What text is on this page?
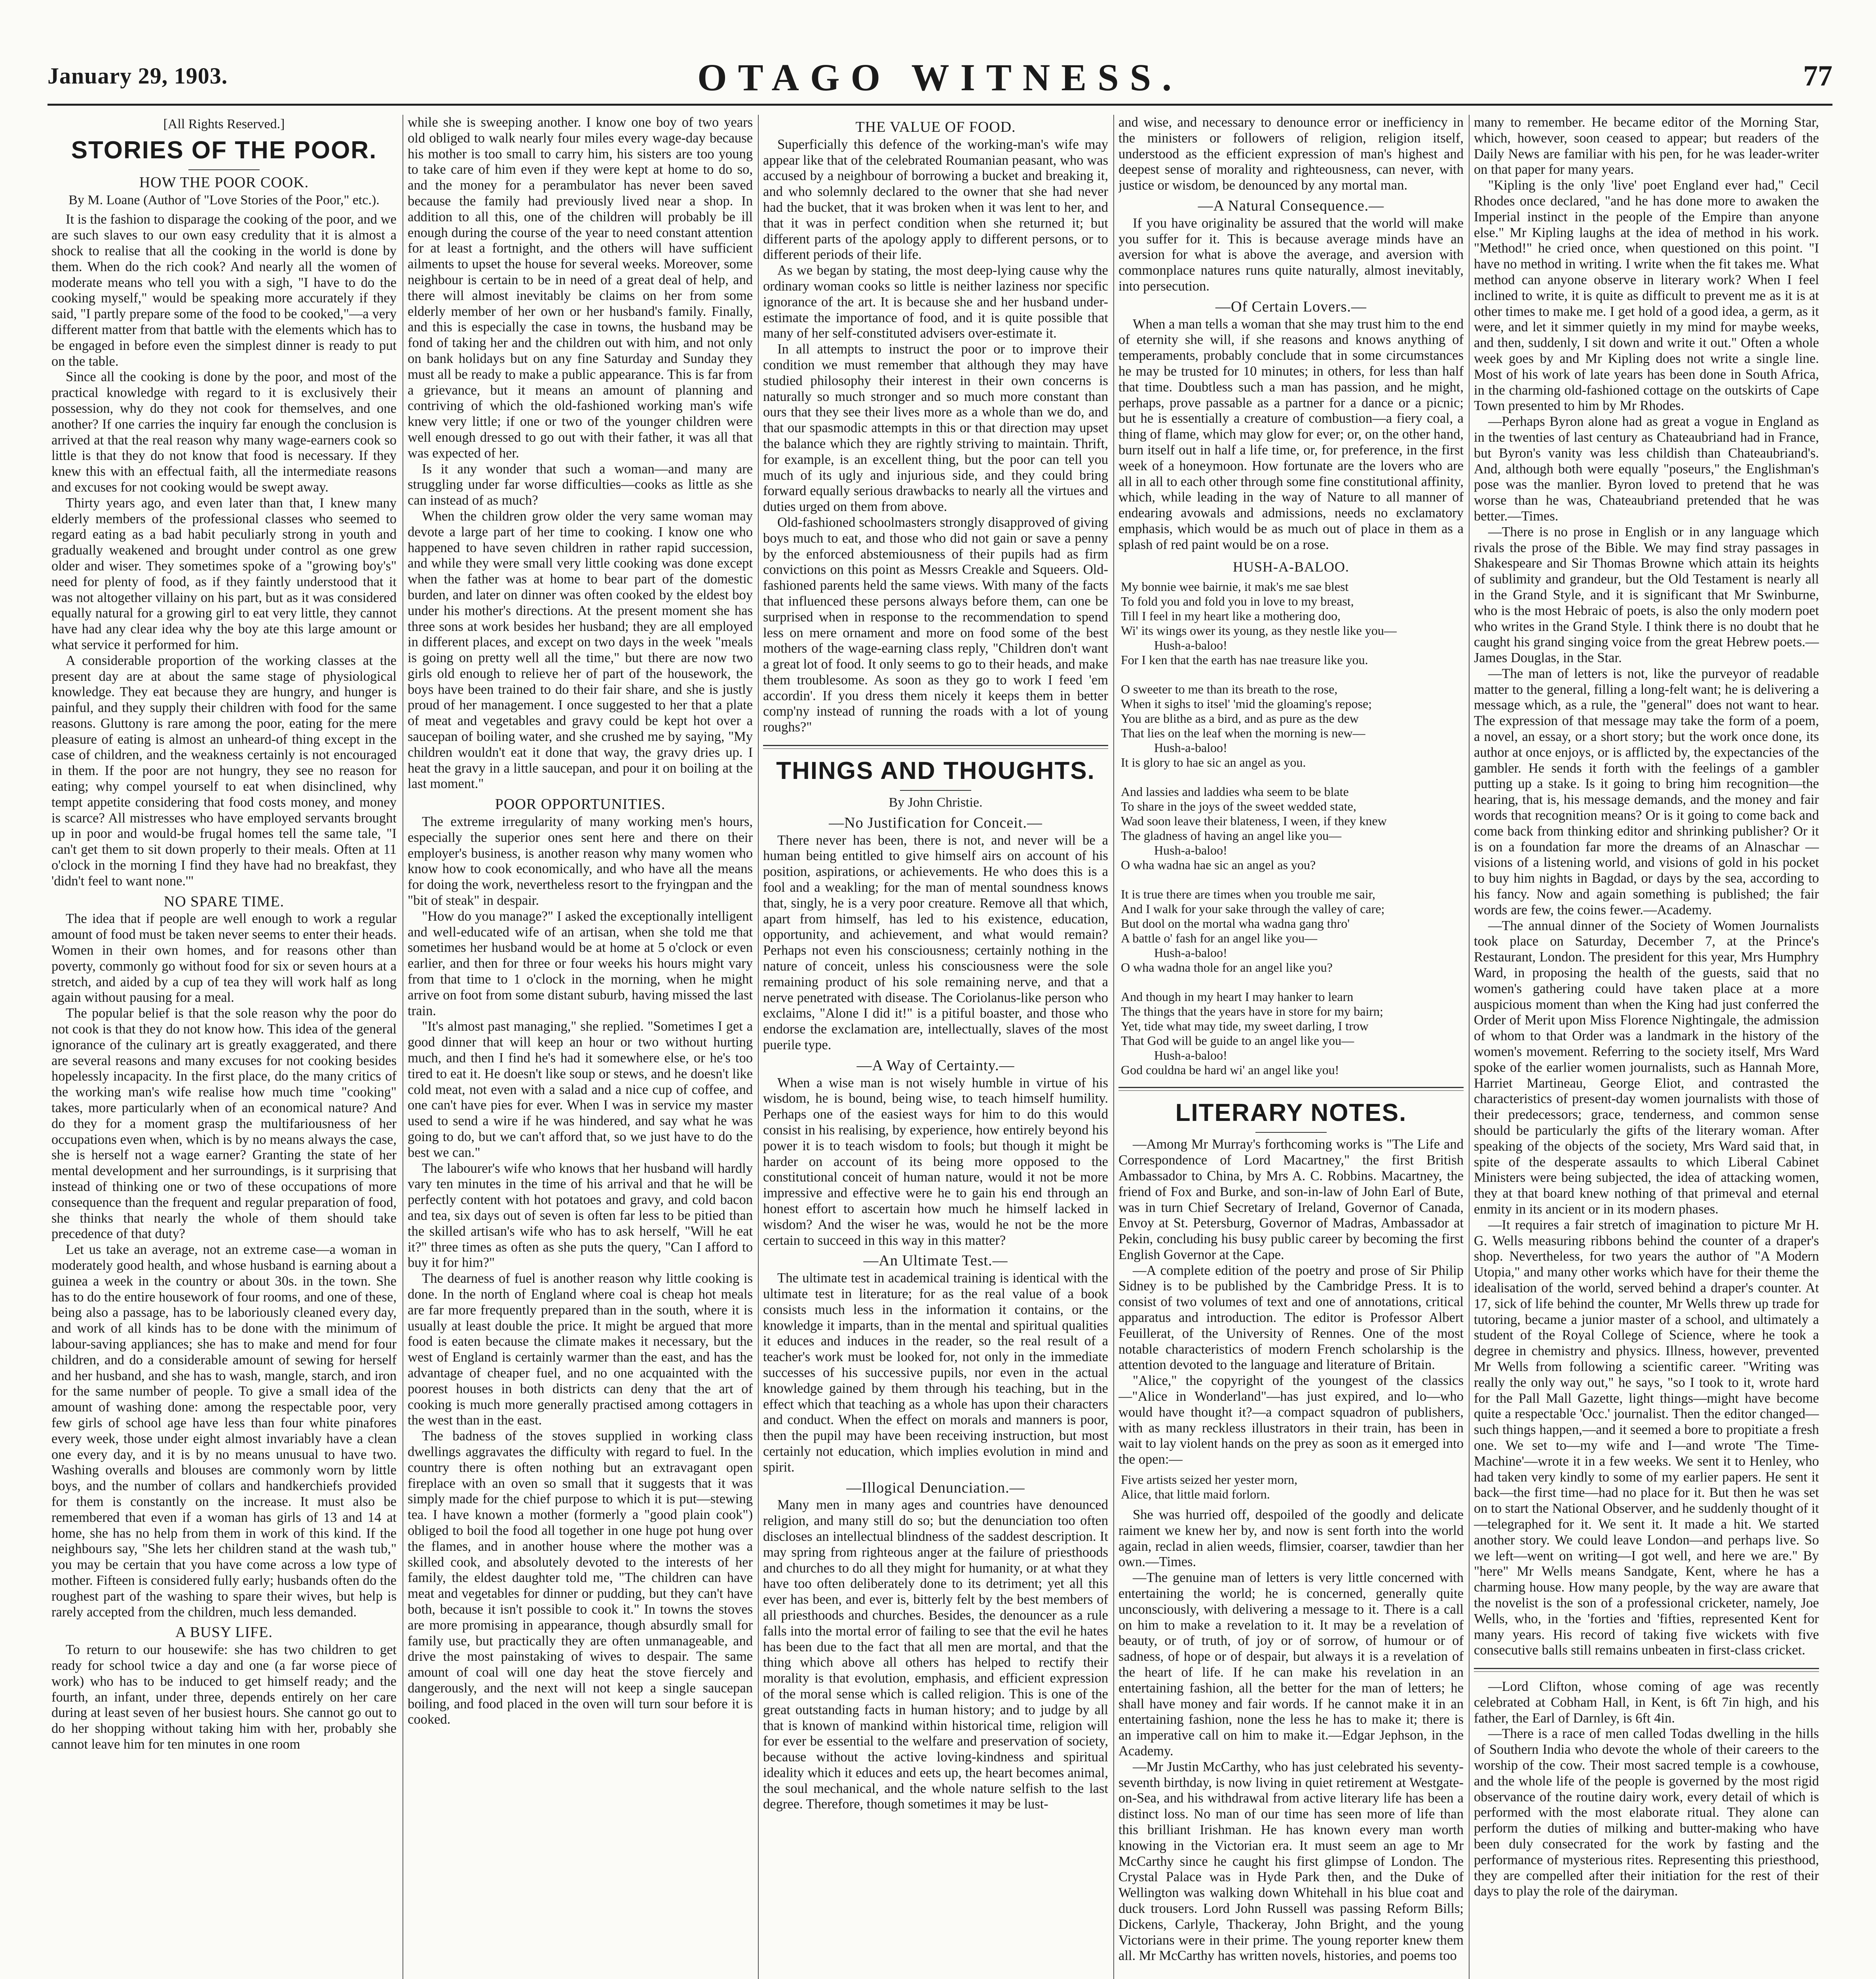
January 29, 1903.	OTAGO WITNESS.	77
[All Rights Reserved.]
STORIES OF THE POOR.
HOW THE POOR COOK.
By M. Loane (Author of "Love Stories of the Poor," etc.).

It is the fashion to disparage the cooking of the poor, and we are such slaves to our own easy credulity that it is almost a shock to realise that all the cooking in the world is done by them. When do the rich cook? And nearly all the women of moderate means who tell you with a sigh, "I have to do the cooking myself," would be speaking more accurately if they said, "I partly prepare some of the food to be cooked,"—a very different matter from that battle with the elements which has to be engaged in before even the simplest dinner is ready to put on the table.

Since all the cooking is done by the poor, and most of the practical knowledge with regard to it is exclusively their possession, why do they not cook for themselves, and one another? If one carries the inquiry far enough the conclusion is arrived at that the real reason why many wage-earners cook so little is that they do not know that food is necessary. If they knew this with an effectual faith, all the intermediate reasons and excuses for not cooking would be swept away.

Thirty years ago, and even later than that, I knew many elderly members of the professional classes who seemed to regard eating as a bad habit peculiarly strong in youth and gradually weakened and brought under control as one grew older and wiser. They sometimes spoke of a "growing boy's" need for plenty of food, as if they faintly understood that it was not altogether villainy on his part, but as it was considered equally natural for a growing girl to eat very little, they cannot have had any clear idea why the boy ate this large amount or what service it performed for him.

A considerable proportion of the working classes at the present day are at about the same stage of physiological knowledge. They eat because they are hungry, and hunger is painful, and they supply their children with food for the same reasons. Gluttony is rare among the poor, eating for the mere pleasure of eating is almost an unheard-of thing except in the case of children, and the weakness certainly is not encouraged in them. If the poor are not hungry, they see no reason for eating; why compel yourself to eat when disinclined, why tempt appetite considering that food costs money, and money is scarce? All mistresses who have employed servants brought up in poor and would-be frugal homes tell the same tale, "I can't get them to sit down properly to their meals. Often at 11 o'clock in the morning I find they have had no breakfast, they 'didn't feel to want none.'"

NO SPARE TIME.

The idea that if people are well enough to work a regular amount of food must be taken never seems to enter their heads. Women in their own homes, and for reasons other than poverty, commonly go without food for six or seven hours at a stretch, and aided by a cup of tea they will work half as long again without pausing for a meal.

The popular belief is that the sole reason why the poor do not cook is that they do not know how. This idea of the general ignorance of the culinary art is greatly exaggerated, and there are several reasons and many excuses for not cooking besides hopelessly incapacity. In the first place, do the many critics of the working man's wife realise how much time "cooking" takes, more particularly when of an economical nature? And do they for a moment grasp the multifariousness of her occupations even when, which is by no means always the case, she is herself not a wage earner? Granting the state of her mental development and her surroundings, is it surprising that instead of thinking one or two of these occupations of more consequence than the frequent and regular preparation of food, she thinks that nearly the whole of them should take precedence of that duty?

Let us take an average, not an extreme case—a woman in moderately good health, and whose husband is earning about a guinea a week in the country or about 30s. in the town. She has to do the entire housework of four rooms, and one of these, being also a passage, has to be laboriously cleaned every day, and work of all kinds has to be done with the minimum of labour-saving appliances; she has to make and mend for four children, and do a considerable amount of sewing for herself and her husband, and she has to wash, mangle, starch, and iron for the same number of people. To give a small idea of the amount of washing done: among the respectable poor, very few girls of school age have less than four white pinafores every week, those under eight almost invariably have a clean one every day, and it is by no means unusual to have two. Washing overalls and blouses are commonly worn by little boys, and the number of collars and handkerchiefs provided for them is constantly on the increase. It must also be remembered that even if a woman has girls of 13 and 14 at home, she has no help from them in work of this kind. If the neighbours say, "She lets her children stand at the wash tub," you may be certain that you have come across a low type of mother. Fifteen is considered fully early; husbands often do the roughest part of the washing to spare their wives, but help is rarely accepted from the children, much less demanded.

A BUSY LIFE.

To return to our housewife: she has two children to get ready for school twice a day and one (a far worse piece of work) who has to be induced to get himself ready; and the fourth, an infant, under three, depends entirely on her care during at least seven of her busiest hours. She cannot go out to do her shopping without taking him with her, probably she cannot leave him for ten minutes in one room

while she is sweeping another. I know one boy of two years old obliged to walk nearly four miles every wage-day because his mother is too small to carry him, his sisters are too young to take care of him even if they were kept at home to do so, and the money for a perambulator has never been saved because the family had previously lived near a shop. In addition to all this, one of the children will probably be ill enough during the course of the year to need constant attention for at least a fortnight, and the others will have sufficient ailments to upset the house for several weeks. Moreover, some neighbour is certain to be in need of a great deal of help, and there will almost inevitably be claims on her from some elderly member of her own or her husband's family. Finally, and this is especially the case in towns, the husband may be fond of taking her and the children out with him, and not only on bank holidays but on any fine Saturday and Sunday they must all be ready to make a public appearance. This is far from a grievance, but it means an amount of planning and contriving of which the old-fashioned working man's wife knew very little; if one or two of the younger children were well enough dressed to go out with their father, it was all that was expected of her.

Is it any wonder that such a woman—and many are struggling under far worse difficulties—cooks as little as she can instead of as much?

When the children grow older the very same woman may devote a large part of her time to cooking. I know one who happened to have seven children in rather rapid succession, and while they were small very little cooking was done except when the father was at home to bear part of the domestic burden, and later on dinner was often cooked by the eldest boy under his mother's directions. At the present moment she has three sons at work besides her husband; they are all employed in different places, and except on two days in the week "meals is going on pretty well all the time," but there are now two girls old enough to relieve her of part of the housework, the boys have been trained to do their fair share, and she is justly proud of her management. I once suggested to her that a plate of meat and vegetables and gravy could be kept hot over a saucepan of boiling water, and she crushed me by saying, "My children wouldn't eat it done that way, the gravy dries up. I heat the gravy in a little saucepan, and pour it on boiling at the last moment."

POOR OPPORTUNITIES.

The extreme irregularity of many working men's hours, especially the superior ones sent here and there on their employer's business, is another reason why many women who know how to cook economically, and who have all the means for doing the work, nevertheless resort to the fryingpan and the "bit of steak" in despair.

"How do you manage?" I asked the exceptionally intelligent and well-educated wife of an artisan, when she told me that sometimes her husband would be at home at 5 o'clock or even earlier, and then for three or four weeks his hours might vary from that time to 1 o'clock in the morning, when he might arrive on foot from some distant suburb, having missed the last train.

"It's almost past managing," she replied. "Sometimes I get a good dinner that will keep an hour or two without hurting much, and then I find he's had it somewhere else, or he's too tired to eat it. He doesn't like soup or stews, and he doesn't like cold meat, not even with a salad and a nice cup of coffee, and one can't have pies for ever. When I was in service my master used to send a wire if he was hindered, and say what he was going to do, but we can't afford that, so we just have to do the best we can."

The labourer's wife who knows that her husband will hardly vary ten minutes in the time of his arrival and that he will be perfectly content with hot potatoes and gravy, and cold bacon and tea, six days out of seven is often far less to be pitied than the skilled artisan's wife who has to ask herself, "Will he eat it?" three times as often as she puts the query, "Can I afford to buy it for him?"

The dearness of fuel is another reason why little cooking is done. In the north of England where coal is cheap hot meals are far more frequently prepared than in the south, where it is usually at least double the price. It might be argued that more food is eaten because the climate makes it necessary, but the west of England is certainly warmer than the east, and has the advantage of cheaper fuel, and no one acquainted with the poorest houses in both districts can deny that the art of cooking is much more generally practised among cottagers in the west than in the east.

The badness of the stoves supplied in working class dwellings aggravates the difficulty with regard to fuel. In the country there is often nothing but an extravagant open fireplace with an oven so small that it suggests that it was simply made for the chief purpose to which it is put—stewing tea. I have known a mother (formerly a "good plain cook") obliged to boil the food all together in one huge pot hung over the flames, and in another house where the mother was a skilled cook, and absolutely devoted to the interests of her family, the eldest daughter told me, "The children can have meat and vegetables for dinner or pudding, but they can't have both, because it isn't possible to cook it." In towns the stoves are more promising in appearance, though absurdly small for family use, but practically they are often unmanageable, and drive the most painstaking of wives to despair. The same amount of coal will one day heat the stove fiercely and dangerously, and the next will not keep a single saucepan boiling, and food placed in the oven will turn sour before it is cooked.

THE VALUE OF FOOD.

Superficially this defence of the working-man's wife may appear like that of the celebrated Roumanian peasant, who was accused by a neighbour of borrowing a bucket and breaking it, and who solemnly declared to the owner that she had never had the bucket, that it was broken when it was lent to her, and that it was in perfect condition when she returned it; but different parts of the apology apply to different persons, or to different periods of their life.

As we began by stating, the most deep-lying cause why the ordinary woman cooks so little is neither laziness nor specific ignorance of the art. It is because she and her husband under-estimate the importance of food, and it is quite possible that many of her self-constituted advisers over-estimate it.

In all attempts to instruct the poor or to improve their condition we must remember that although they may have studied philosophy their interest in their own concerns is naturally so much stronger and so much more constant than ours that they see their lives more as a whole than we do, and that our spasmodic attempts in this or that direction may upset the balance which they are rightly striving to maintain. Thrift, for example, is an excellent thing, but the poor can tell you much of its ugly and injurious side, and they could bring forward equally serious drawbacks to nearly all the virtues and duties urged on them from above.

Old-fashioned schoolmasters strongly disapproved of giving boys much to eat, and those who did not gain or save a penny by the enforced abstemiousness of their pupils had as firm convictions on this point as Messrs Creakle and Squeers. Old-fashioned parents held the same views. With many of the facts that influenced these persons always before them, can one be surprised when in response to the recommendation to spend less on mere ornament and more on food some of the best mothers of the wage-earning class reply, "Children don't want a great lot of food. It only seems to go to their heads, and make them troublesome. As soon as they go to work I feed 'em accordin'. If you dress them nicely it keeps them in better comp'ny instead of running the roads with a lot of young roughs?"

THINGS AND THOUGHTS.
By John Christie.
—No Justification for Conceit.—

There never has been, there is not, and never will be a human being entitled to give himself airs on account of his position, aspirations, or achievements. He who does this is a fool and a weakling; for the man of mental soundness knows that, singly, he is a very poor creature. Remove all that which, apart from himself, has led to his existence, education, opportunity, and achievement, and what would remain? Perhaps not even his consciousness; certainly nothing in the nature of conceit, unless his consciousness were the sole remaining product of his sole remaining nerve, and that a nerve penetrated with disease. The Coriolanus-like person who exclaims, "Alone I did it!" is a pitiful boaster, and those who endorse the exclamation are, intellectually, slaves of the most puerile type.

—A Way of Certainty.—

When a wise man is not wisely humble in virtue of his wisdom, he is bound, being wise, to teach himself humility. Perhaps one of the easiest ways for him to do this would consist in his realising, by experience, how entirely beyond his power it is to teach wisdom to fools; but though it might be harder on account of its being more opposed to the constitutional conceit of human nature, would it not be more impressive and effective were he to gain his end through an honest effort to ascertain how much he himself lacked in wisdom? And the wiser he was, would he not be the more certain to succeed in this way in this matter?

—An Ultimate Test.—

The ultimate test in academical training is identical with the ultimate test in literature; for as the real value of a book consists much less in the information it contains, or the knowledge it imparts, than in the mental and spiritual qualities it educes and induces in the reader, so the real result of a teacher's work must be looked for, not only in the immediate successes of his successive pupils, nor even in the actual knowledge gained by them through his teaching, but in the effect which that teaching as a whole has upon their characters and conduct. When the effect on morals and manners is poor, then the pupil may have been receiving instruction, but most certainly not education, which implies evolution in mind and spirit.

—Illogical Denunciation.—

Many men in many ages and countries have denounced religion, and many still do so; but the denunciation too often discloses an intellectual blindness of the saddest description. It may spring from righteous anger at the failure of priesthoods and churches to do all they might for humanity, or at what they have too often deliberately done to its detriment; yet all this ever has been, and ever is, bitterly felt by the best members of all priesthoods and churches. Besides, the denouncer as a rule falls into the mortal error of failing to see that the evil he hates has been due to the fact that all men are mortal, and that the thing which above all others has helped to rectify their morality is that evolution, emphasis, and efficient expression of the moral sense which is called religion. This is one of the great outstanding facts in human history; and to judge by all that is known of mankind within historical time, religion will for ever be essential to the welfare and preservation of society, because without the active loving-kindness and spiritual ideality which it educes and eets up, the heart becomes animal, the soul mechanical, and the whole nature selfish to the last degree. Therefore, though sometimes it may be lust-

and wise, and necessary to denounce error or inefficiency in the ministers or followers of religion, religion itself, understood as the efficient expression of man's highest and deepest sense of morality and righteousness, can never, with justice or wisdom, be denounced by any mortal man.

—A Natural Consequence.—

If you have originality be assured that the world will make you suffer for it. This is because average minds have an aversion for what is above the average, and aversion with commonplace natures runs quite naturally, almost inevitably, into persecution.

—Of Certain Lovers.—

When a man tells a woman that she may trust him to the end of eternity she will, if she reasons and knows anything of temperaments, probably conclude that in some circumstances he may be trusted for 10 minutes; in others, for less than half that time. Doubtless such a man has passion, and he might, perhaps, prove passable as a partner for a dance or a picnic; but he is essentially a creature of combustion—a fiery coal, a thing of flame, which may glow for ever; or, on the other hand, burn itself out in half a life time, or, for preference, in the first week of a honeymoon. How fortunate are the lovers who are all in all to each other through some fine constitutional affinity, which, while leading in the way of Nature to all manner of endearing avowals and admissions, needs no exclamatory emphasis, which would be as much out of place in them as a splash of red paint would be on a rose.

HUSH-A-BALOO.
My bonnie wee bairnie, it mak's me sae blest
To fold you and fold you in love to my breast,
Till I feel in my heart like a mothering doo,
Wi' its wings ower its young, as they nestle like you—
Hush-a-baloo!
For I ken that the earth has nae treasure like you.

O sweeter to me than its breath to the rose,
When it sighs to itsel' 'mid the gloaming's repose;
You are blithe as a bird, and as pure as the dew
That lies on the leaf when the morning is new—
Hush-a-baloo!
It is glory to hae sic an angel as you.

And lassies and laddies wha seem to be blate
To share in the joys of the sweet wedded state,
Wad soon leave their blateness, I ween, if they knew
The gladness of having an angel like you—
Hush-a-baloo!
O wha wadna hae sic an angel as you?

It is true there are times when you trouble me sair,
And I walk for your sake through the valley of care;
But dool on the mortal wha wadna gang thro'
A battle o' fash for an angel like you—
Hush-a-baloo!
O wha wadna thole for an angel like you?

And though in my heart I may hanker to learn
The things that the years have in store for my bairn;
Yet, tide what may tide, my sweet darling, I trow
That God will be guide to an angel like you—
Hush-a-baloo!
God couldna be hard wi' an angel like you!
LITERARY NOTES.

—Among Mr Murray's forthcoming works is "The Life and Correspondence of Lord Macartney," the first British Ambassador to China, by Mrs A. C. Robbins. Macartney, the friend of Fox and Burke, and son-in-law of John Earl of Bute, was in turn Chief Secretary of Ireland, Governor of Canada, Envoy at St. Petersburg, Governor of Madras, Ambassador at Pekin, concluding his busy public career by becoming the first English Governor at the Cape.

—A complete edition of the poetry and prose of Sir Philip Sidney is to be published by the Cambridge Press. It is to consist of two volumes of text and one of annotations, critical apparatus and introduction. The editor is Professor Albert Feuillerat, of the University of Rennes. One of the most notable characteristics of modern French scholarship is the attention devoted to the language and literature of Britain.

"Alice," the copyright of the youngest of the classics—"Alice in Wonderland"—has just expired, and lo—who would have thought it?—a compact squadron of publishers, with as many reckless illustrators in their train, has been in wait to lay violent hands on the prey as soon as it emerged into the open:—

Five artists seized her yester morn,
Alice, that little maid forlorn.

She was hurried off, despoiled of the goodly and delicate raiment we knew her by, and now is sent forth into the world again, reclad in alien weeds, flimsier, coarser, tawdier than her own.—Times.

—The genuine man of letters is very little concerned with entertaining the world; he is concerned, generally quite unconsciously, with delivering a message to it. There is a call on him to make a revelation to it. It may be a revelation of beauty, or of truth, of joy or of sorrow, of humour or of sadness, of hope or of despair, but always it is a revelation of the heart of life. If he can make his revelation in an entertaining fashion, all the better for the man of letters; he shall have money and fair words. If he cannot make it in an entertaining fashion, none the less he has to make it; there is an imperative call on him to make it.—Edgar Jephson, in the Academy.

—Mr Justin McCarthy, who has just celebrated his seventy-seventh birthday, is now living in quiet retirement at Westgate-on-Sea, and his withdrawal from active literary life has been a distinct loss. No man of our time has seen more of life than this brilliant Irishman. He has known every man worth knowing in the Victorian era. It must seem an age to Mr McCarthy since he caught his first glimpse of London. The Crystal Palace was in Hyde Park then, and the Duke of Wellington was walking down Whitehall in his blue coat and duck trousers. Lord John Russell was passing Reform Bills; Dickens, Carlyle, Thackeray, John Bright, and the young Victorians were in their prime. The young reporter knew them all. Mr McCarthy has written novels, histories, and poems too

many to remember. He became editor of the Morning Star, which, however, soon ceased to appear; but readers of the Daily News are familiar with his pen, for he was leader-writer on that paper for many years.

"Kipling is the only 'live' poet England ever had," Cecil Rhodes once declared, "and he has done more to awaken the Imperial instinct in the people of the Empire than anyone else." Mr Kipling laughs at the idea of method in his work. "Method!" he cried once, when questioned on this point. "I have no method in writing. I write when the fit takes me. What method can anyone observe in literary work? When I feel inclined to write, it is quite as difficult to prevent me as it is at other times to make me. I get hold of a good idea, a germ, as it were, and let it simmer quietly in my mind for maybe weeks, and then, suddenly, I sit down and write it out." Often a whole week goes by and Mr Kipling does not write a single line. Most of his work of late years has been done in South Africa, in the charming old-fashioned cottage on the outskirts of Cape Town presented to him by Mr Rhodes.

—Perhaps Byron alone had as great a vogue in England as in the twenties of last century as Chateaubriand had in France, but Byron's vanity was less childish than Chateaubriand's. And, although both were equally "poseurs," the Englishman's pose was the manlier. Byron loved to pretend that he was worse than he was, Chateaubriand pretended that he was better.—Times.

—There is no prose in English or in any language which rivals the prose of the Bible. We may find stray passages in Shakespeare and Sir Thomas Browne which attain its heights of sublimity and grandeur, but the Old Testament is nearly all in the Grand Style, and it is significant that Mr Swinburne, who is the most Hebraic of poets, is also the only modern poet who writes in the Grand Style. I think there is no doubt that he caught his grand singing voice from the great Hebrew poets.—James Douglas, in the Star.

—The man of letters is not, like the purveyor of readable matter to the general, filling a long-felt want; he is delivering a message which, as a rule, the "general" does not want to hear. The expression of that message may take the form of a poem, a novel, an essay, or a short story; but the work once done, its author at once enjoys, or is afflicted by, the expectancies of the gambler. He sends it forth with the feelings of a gambler putting up a stake. Is it going to bring him recognition—the hearing, that is, his message demands, and the money and fair words that recognition means? Or is it going to come back and come back from thinking editor and shrinking publisher? Or it is on a foundation far more the dreams of an Alnaschar —visions of a listening world, and visions of gold in his pocket to buy him nights in Bagdad, or days by the sea, according to his fancy. Now and again something is published; the fair words are few, the coins fewer.—Academy.

—The annual dinner of the Society of Women Journalists took place on Saturday, December 7, at the Prince's Restaurant, London. The president for this year, Mrs Humphry Ward, in proposing the health of the guests, said that no women's gathering could have taken place at a more auspicious moment than when the King had just conferred the Order of Merit upon Miss Florence Nightingale, the admission of whom to that Order was a landmark in the history of the women's movement. Referring to the society itself, Mrs Ward spoke of the earlier women journalists, such as Hannah More, Harriet Martineau, George Eliot, and contrasted the characteristics of present-day women journalists with those of their predecessors; grace, tenderness, and common sense should be particularly the gifts of the literary woman. After speaking of the objects of the society, Mrs Ward said that, in spite of the desperate assaults to which Liberal Cabinet Ministers were being subjected, the idea of attacking women, they at that board knew nothing of that primeval and eternal enmity in its ancient or in its modern phases.

—It requires a fair stretch of imagination to picture Mr H. G. Wells measuring ribbons behind the counter of a draper's shop. Nevertheless, for two years the author of "A Modern Utopia," and many other works which have for their theme the idealisation of the world, served behind a draper's counter. At 17, sick of life behind the counter, Mr Wells threw up trade for tutoring, became a junior master of a school, and ultimately a student of the Royal College of Science, where he took a degree in chemistry and physics. Illness, however, prevented Mr Wells from following a scientific career. "Writing was really the only way out," he says, "so I took to it, wrote hard for the Pall Mall Gazette, light things—might have become quite a respectable 'Occ.' journalist. Then the editor changed—such things happen,—and it seemed a bore to propitiate a fresh one. We set to—my wife and I—and wrote 'The Time-Machine'—wrote it in a few weeks. We sent it to Henley, who had taken very kindly to some of my earlier papers. He sent it back—the first time—had no place for it. But then he was set on to start the National Observer, and he suddenly thought of it—telegraphed for it. We sent it. It made a hit. We started another story. We could leave London—and perhaps live. So we left—went on writing—I got well, and here we are." By "here" Mr Wells means Sandgate, Kent, where he has a charming house. How many people, by the way are aware that the novelist is the son of a professional cricketer, namely, Joe Wells, who, in the 'forties and 'fifties, represented Kent for many years. His record of taking five wickets with five consecutive balls still remains unbeaten in first-class cricket.

—Lord Clifton, whose coming of age was recently celebrated at Cobham Hall, in Kent, is 6ft 7in high, and his father, the Earl of Darnley, is 6ft 4in.

—There is a race of men called Todas dwelling in the hills of Southern India who devote the whole of their careers to the worship of the cow. Their most sacred temple is a cowhouse, and the whole life of the people is governed by the most rigid observance of the routine dairy work, every detail of which is performed with the most elaborate ritual. They alone can perform the duties of milking and butter-making who have been duly consecrated for the work by fasting and the performance of mysterious rites. Representing this priesthood, they are compelled after their initiation for the rest of their days to play the role of the dairyman.
